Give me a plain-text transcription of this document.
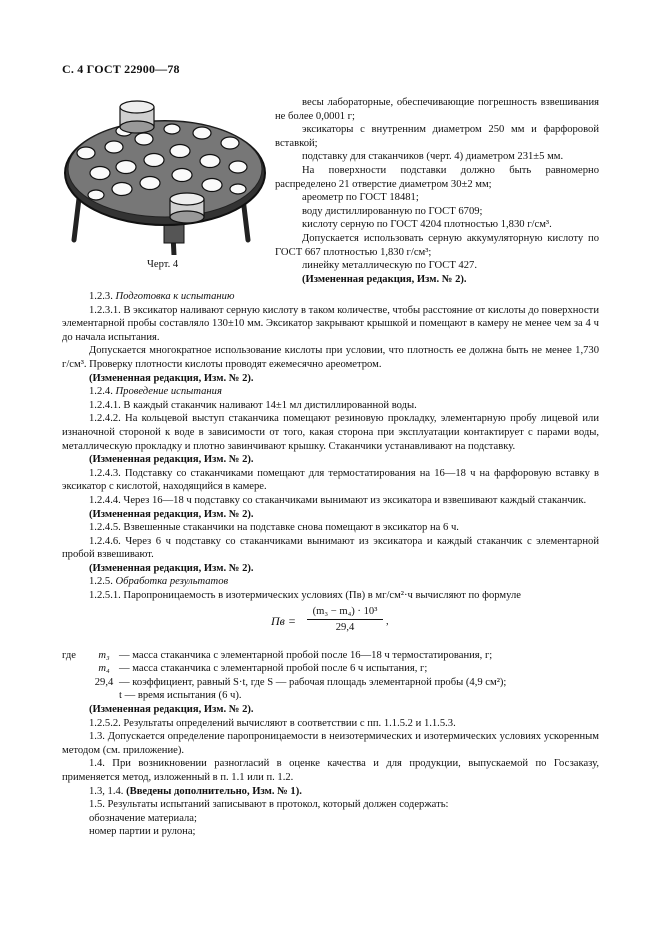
С. 4 ГОСТ 22900—78
Черт. 4

весы лабораторные, обеспечивающие погрешность взвешивания не более 0,0001 г;

эксикаторы с внутренним диаметром 250 мм и фарфоровой вставкой;

подставку для стаканчиков (черт. 4) диаметром 231±5 мм.

На поверхности подставки должно быть равномерно распределено 21 отверстие диаметром 30±2 мм;

ареометр по ГОСТ 18481;

воду дистиллированную по ГОСТ 6709;

кислоту серную по ГОСТ 4204 плотностью 1,830 г/см³.

Допускается использовать серную аккумуляторную кислоту по ГОСТ 667 плотностью 1,830 г/см³;

линейку металлическую по ГОСТ 427.

(Измененная редакция, Изм. № 2).

1.2.3. Подготовка к испытанию

1.2.3.1. В эксикатор наливают серную кислоту в таком количестве, чтобы расстояние от кислоты до поверхности элементарной пробы составляло 130±10 мм. Эксикатор закрывают крышкой и помещают в камеру не менее чем за 4 ч до начала испытания.

Допускается многократное использование кислоты при условии, что плотность ее должна быть не менее 1,730 г/см³. Проверку плотности кислоты проводят ежемесячно ареометром.

(Измененная редакция, Изм. № 2).

1.2.4. Проведение испытания

1.2.4.1. В каждый стаканчик наливают 14±1 мл дистиллированной воды.

1.2.4.2. На кольцевой выступ стаканчика помещают резиновую прокладку, элементарную пробу лицевой или изнаночной стороной к воде в зависимости от того, какая сторона при эксплуатации контактирует с парами воды, металлическую прокладку и плотно завинчивают крышку. Стаканчики устанавливают на подставку.

(Измененная редакция, Изм. № 2).

1.2.4.3. Подставку со стаканчиками помещают для термостатирования на 16—18 ч на фарфоровую вставку в эксикатор с кислотой, находящийся в камере.

1.2.4.4. Через 16—18 ч подставку со стаканчиками вынимают из эксикатора и взвешивают каждый стаканчик.

(Измененная редакция, Изм. № 2).

1.2.4.5. Взвешенные стаканчики на подставке снова помещают в эксикатор на 6 ч.

1.2.4.6. Через 6 ч подставку со стаканчиками вынимают из эксикатора и каждый стаканчик с элементарной пробой взвешивают.

(Измененная редакция, Изм. № 2).

1.2.5. Обработка результатов

1.2.5.1. Паропроницаемость в изотермических условиях (Пв) в мг/см²·ч вычисляют по формуле

Пв = $\frac{\text{(m₃ − m₄) · 10³}}{29,4}$ ,
где	m₃ — масса стаканчика с элементарной пробой после 16—18 ч термостатирования, г;
m₄ — масса стаканчика с элементарной пробой после 6 ч испытания, г;
29,4 — коэффициент, равный S·t, где S — рабочая площадь элементарной пробы (4,9 см²);
t — время испытания (6 ч).

(Измененная редакция, Изм. № 2).

1.2.5.2. Результаты определений вычисляют в соответствии с пп. 1.1.5.2 и 1.1.5.3.

1.3. Допускается определение паропроницаемости в неизотермических и изотермических условиях ускоренным методом (см. приложение).

1.4. При возникновении разногласий в оценке качества и для продукции, выпускаемой по Госзаказу, применяется метод, изложенный в п. 1.1 или п. 1.2.

1.3, 1.4. (Введены дополнительно, Изм. № 1).

1.5. Результаты испытаний записывают в протокол, который должен содержать:

обозначение материала;

номер партии и рулона;
